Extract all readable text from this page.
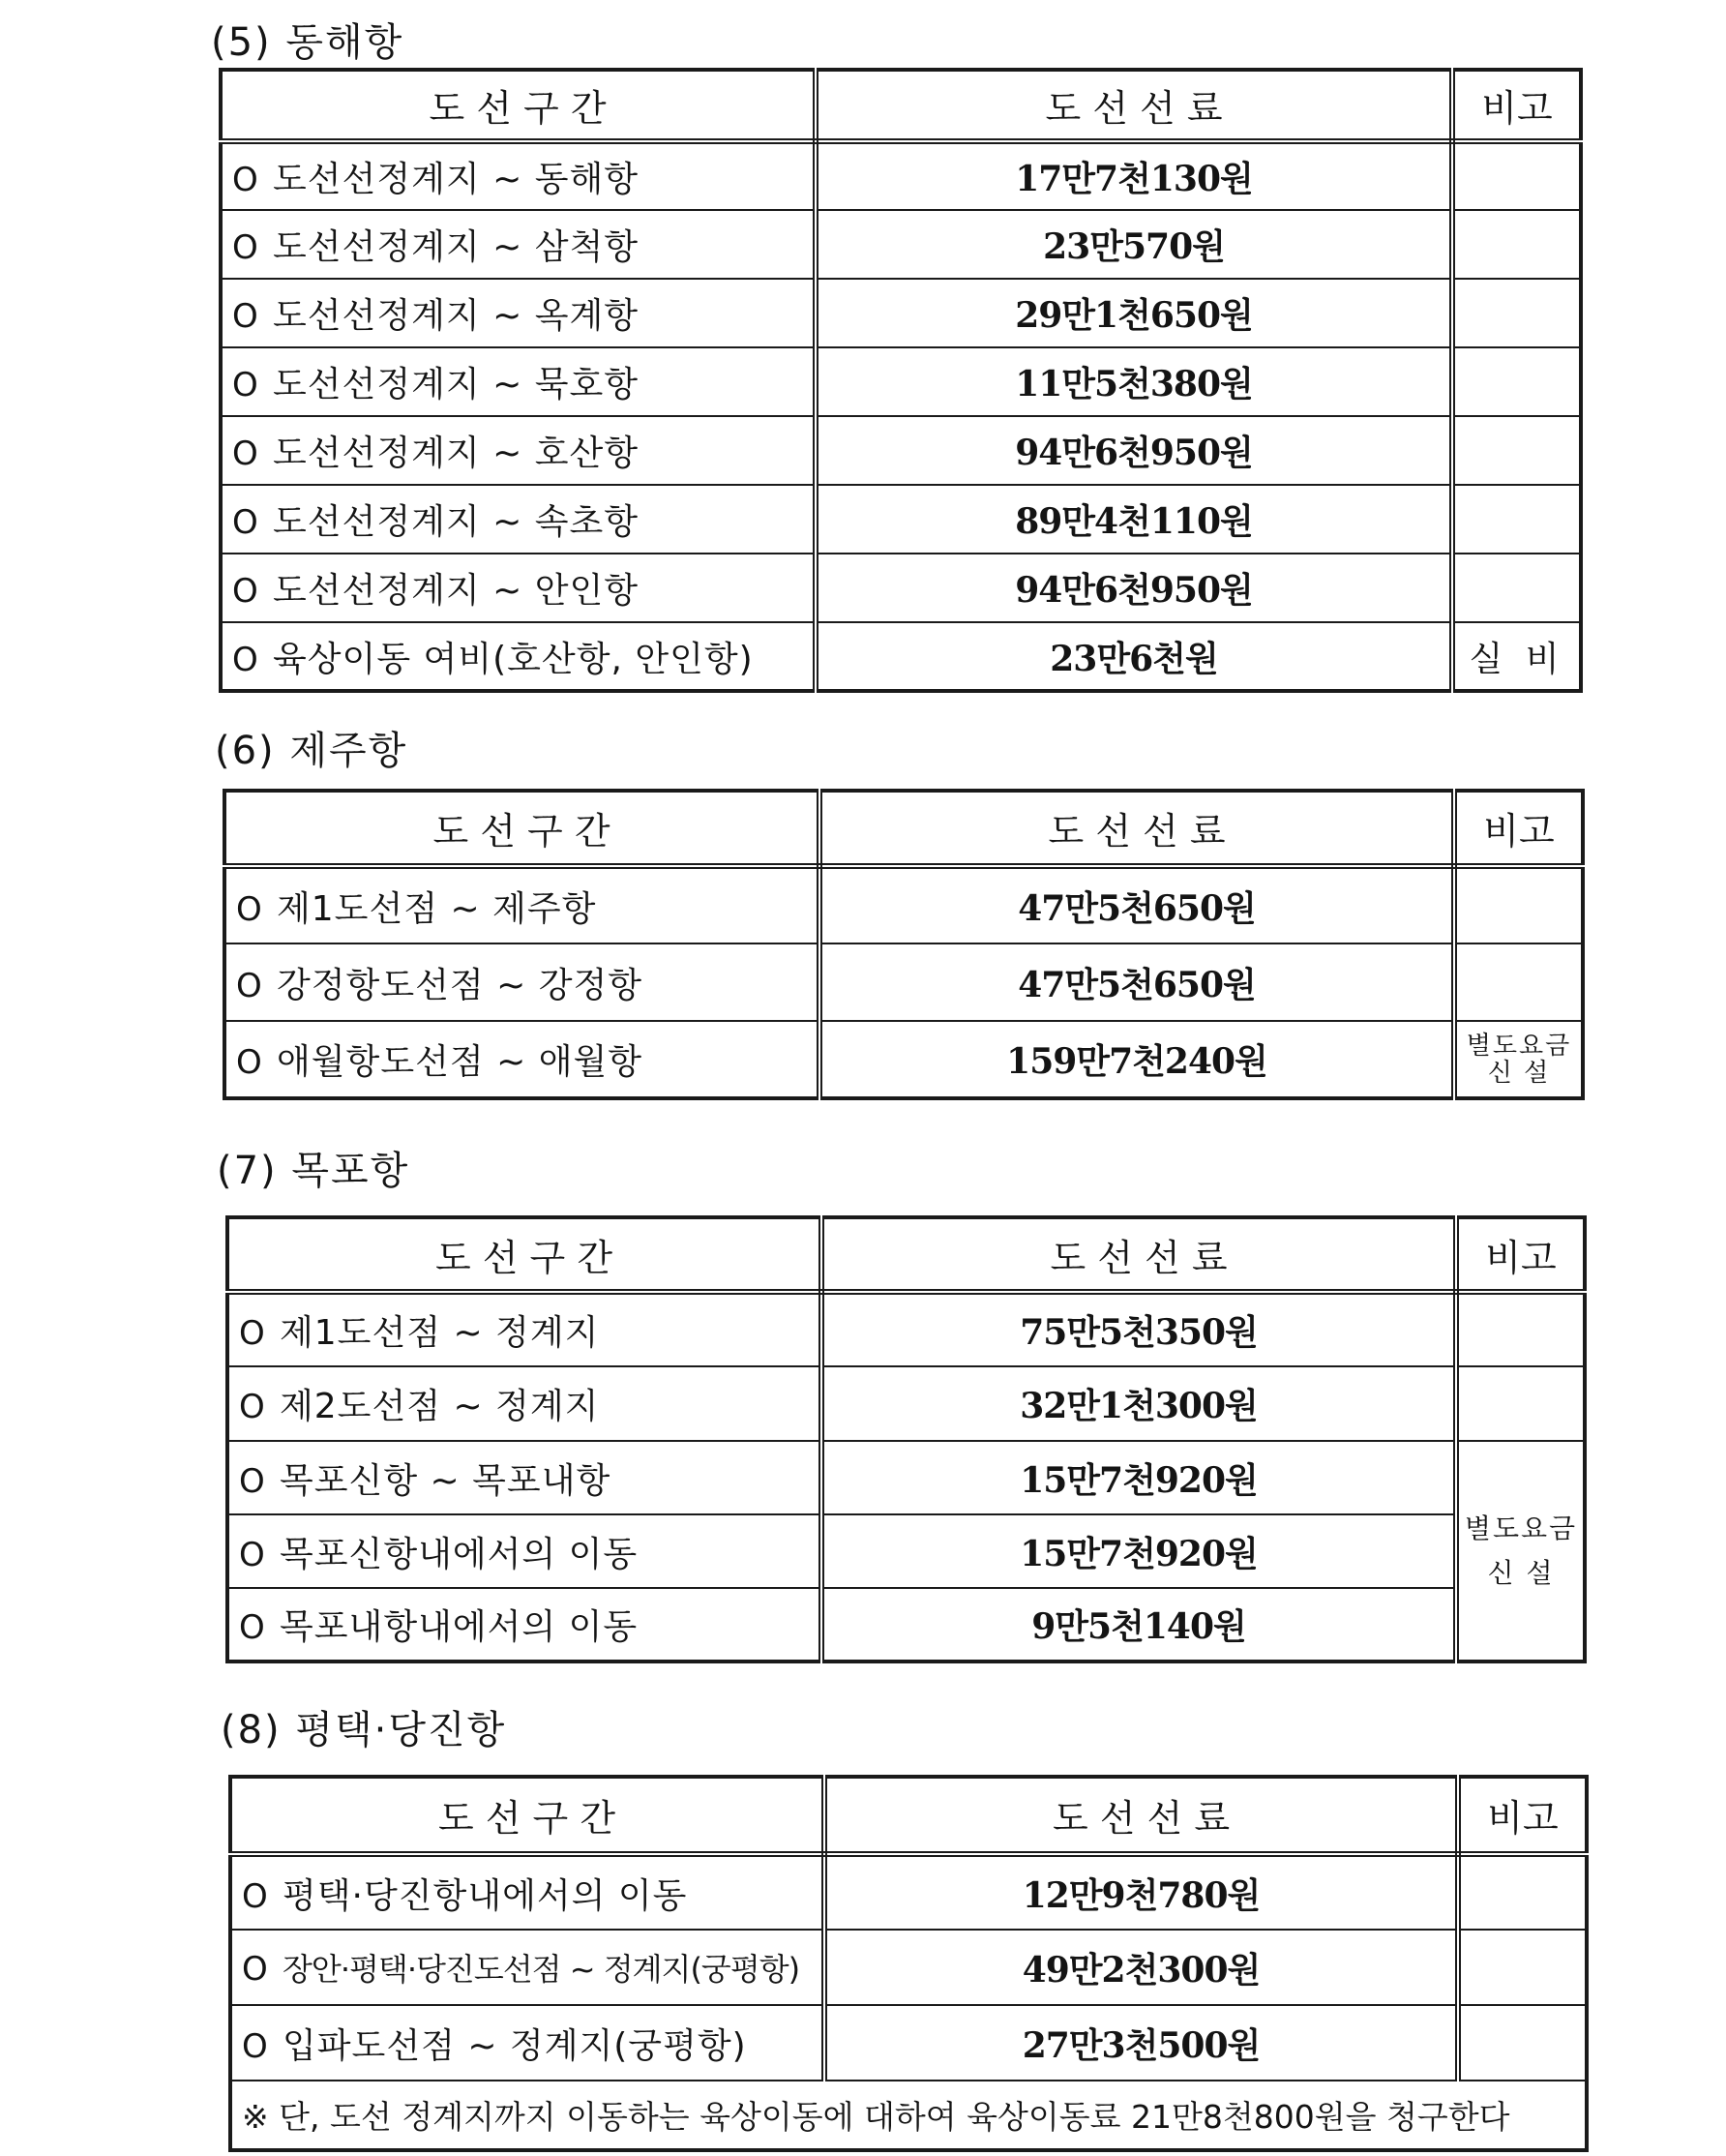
(5) 동해항
도 선 구 간	도 선 선 료	비고
O 도선선정계지 ~ 동해항	17만7천130원	
O 도선선정계지 ~ 삼척항	23만570원	
O 도선선정계지 ~ 옥계항	29만1천650원	
O 도선선정계지 ~ 묵호항	11만5천380원	
O 도선선정계지 ~ 호산항	94만6천950원	
O 도선선정계지 ~ 속초항	89만4천110원	
O 도선선정계지 ~ 안인항	94만6천950원	
O 육상이동 여비(호산항, 안인항)	23만6천원	실 비
(6) 제주항
도 선 구 간	도 선 선 료	비고
O 제1도선점 ~ 제주항	47만5천650원	
O 강정항도선점 ~ 강정항	47만5천650원	
O 애월항도선점 ~ 애월항	159만7천240원	별도요금
신 설
(7) 목포항
도 선 구 간	도 선 선 료	비고
O 제1도선점 ~ 정계지	75만5천350원	
O 제2도선점 ~ 정계지	32만1천300원	
O 목포신항 ~ 목포내항	15만7천920원	별도요금
신 설

O 목포신항내에서의 이동	15만7천920원	
O 목포내항내에서의 이동	9만5천140원	
(8) 평택·당진항
도 선 구 간	도 선 선 료	비고
O 평택·당진항내에서의 이동	12만9천780원	
O 장안·평택·당진도선점 ~ 정계지(궁평항)	49만2천300원	
O 입파도선점 ~ 정계지(궁평항)	27만3천500원	
※ 단, 도선 정계지까지 이동하는 육상이동에 대하여 육상이동료 21만8천800원을 청구한다		
